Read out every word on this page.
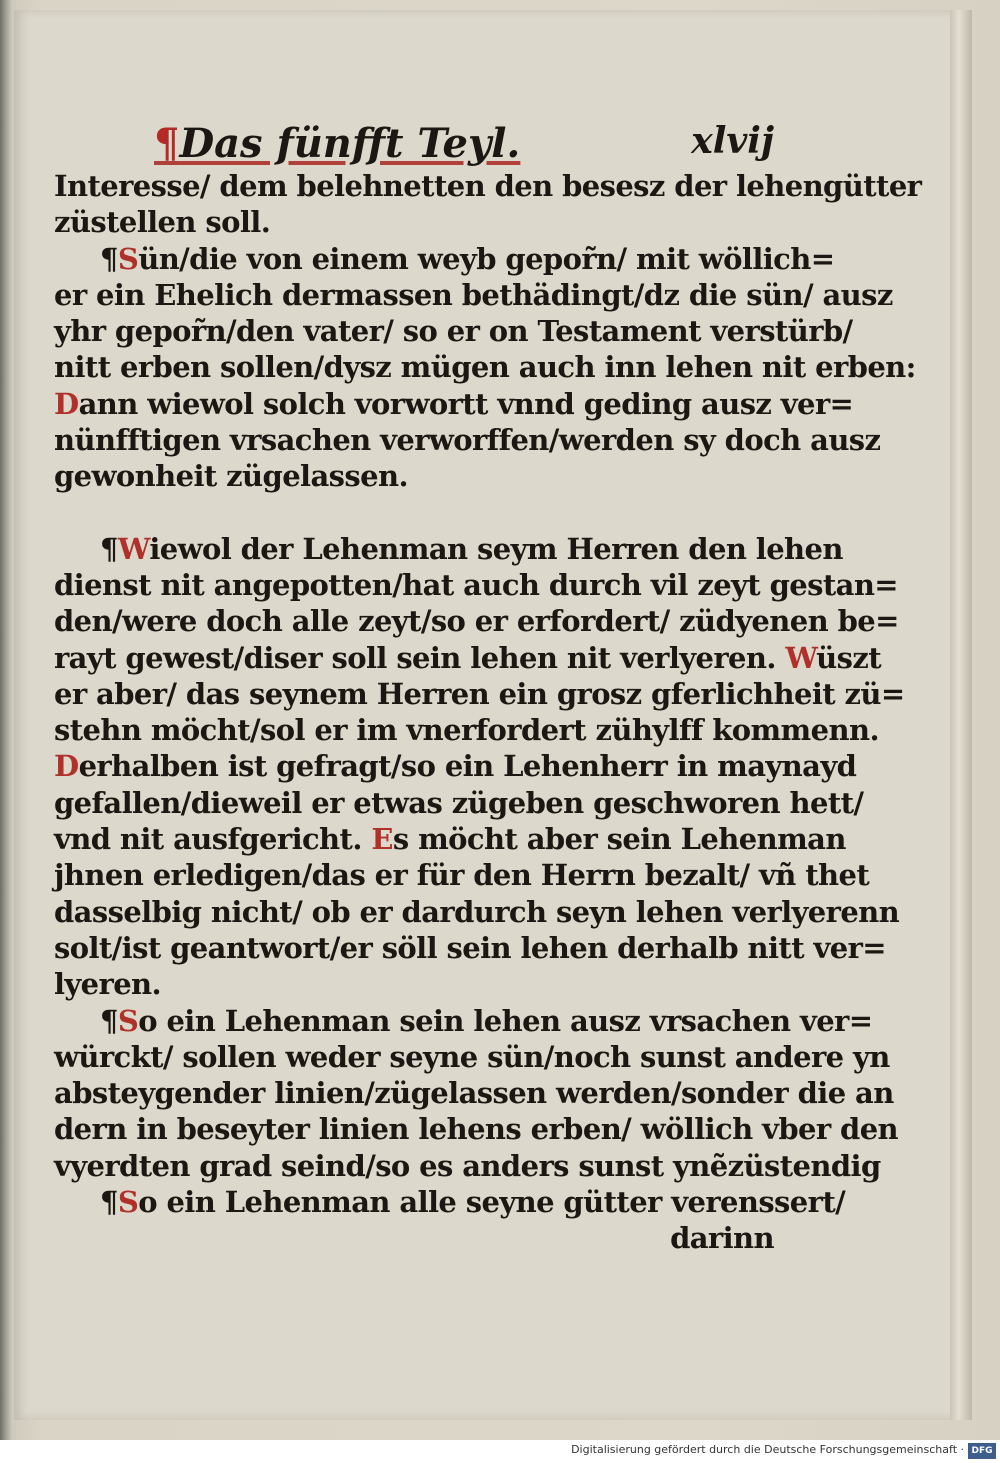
¶Das fünfft Teyl.	xlvij
Interesse/ dem belehnetten den besesz der lehengütter
züstellen soll.
¶Sün/die von einem weyb gepor̃n/ mit wöllich=
er ein Ehelich dermassen bethädingt/dz die sün/ ausz
yhr gepor̃n/den vater/ so er on Testament verstürb/
nitt erben sollen/dysz mügen auch inn lehen nit erben:
Dann wiewol solch vorwortt vnnd geding ausz ver=
nünfftigen vrsachen verworffen/werden sy doch ausz
gewonheit zügelassen.
¶Wiewol der Lehenman seym Herren den lehen
dienst nit angepotten/hat auch durch vil zeyt gestan=
den/were doch alle zeyt/so er erfordert/ züdyenen be=
rayt gewest/diser soll sein lehen nit verlyeren. Wüszt
er aber/ das seynem Herren ein grosz gferlichheit zü=
stehn möcht/sol er im vnerfordert zühylff kommenn.
Derhalben ist gefragt/so ein Lehenherr in maynayd
gefallen/dieweil er etwas zügeben geschworen hett/
vnd nit ausfgericht. Es möcht aber sein Lehenman
jhnen erledigen/das er für den Herrn bezalt/ vñ thet
dasselbig nicht/ ob er dardurch seyn lehen verlyerenn
solt/ist geantwort/er söll sein lehen derhalb nitt ver=
lyeren.
¶So ein Lehenman sein lehen ausz vrsachen ver=
würckt/ sollen weder seyne sün/noch sunst andere yn
absteygender linien/zügelassen werden/sonder die an
dern in beseyter linien lehens erben/ wöllich vber den
vyerdten grad seind/so es anders sunst ynẽzüstendig
¶So ein Lehenman alle seyne gütter verenssert/
darinn
Digitalisierung gefördert durch die Deutsche Forschungsgemeinschaft · DFG
